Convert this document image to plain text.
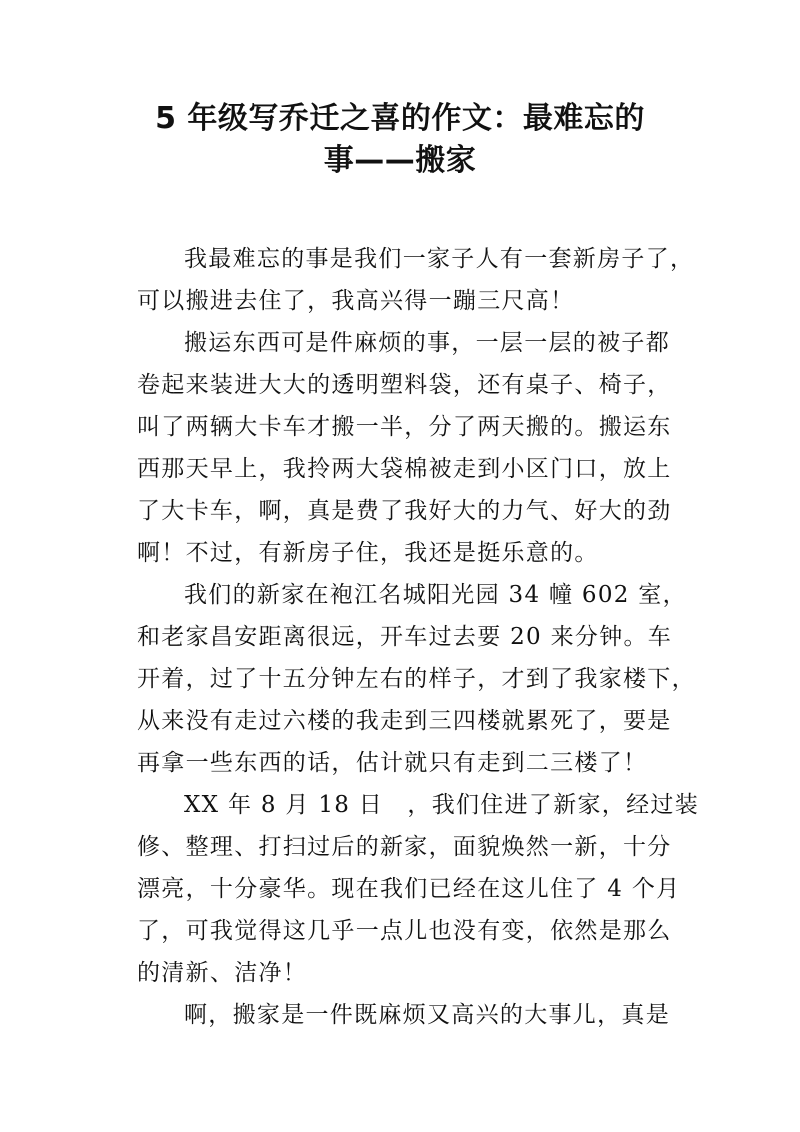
5 年级写乔迁之喜的作文：最难忘的
事——搬家
我最难忘的事是我们一家子人有一套新房子了，
可以搬进去住了，我高兴得一蹦三尺高！
搬运东西可是件麻烦的事，一层一层的被子都
卷起来装进大大的透明塑料袋，还有桌子、椅子，
叫了两辆大卡车才搬一半，分了两天搬的。搬运东
西那天早上，我拎两大袋棉被走到小区门口，放上
了大卡车，啊，真是费了我好大的力气、好大的劲
啊！不过，有新房子住，我还是挺乐意的。
我们的新家在袍江名城阳光园 34 幢 602 室，
和老家昌安距离很远，开车过去要 20 来分钟。车
开着，过了十五分钟左右的样子，才到了我家楼下，
从来没有走过六楼的我走到三四楼就累死了，要是
再拿一些东西的话，估计就只有走到二三楼了！
XX 年 8 月 18 日　，我们住进了新家，经过装
修、整理、打扫过后的新家，面貌焕然一新，十分
漂亮，十分豪华。现在我们已经在这儿住了 4 个月
了，可我觉得这几乎一点儿也没有变，依然是那么
的清新、洁净！
啊，搬家是一件既麻烦又高兴的大事儿，真是
